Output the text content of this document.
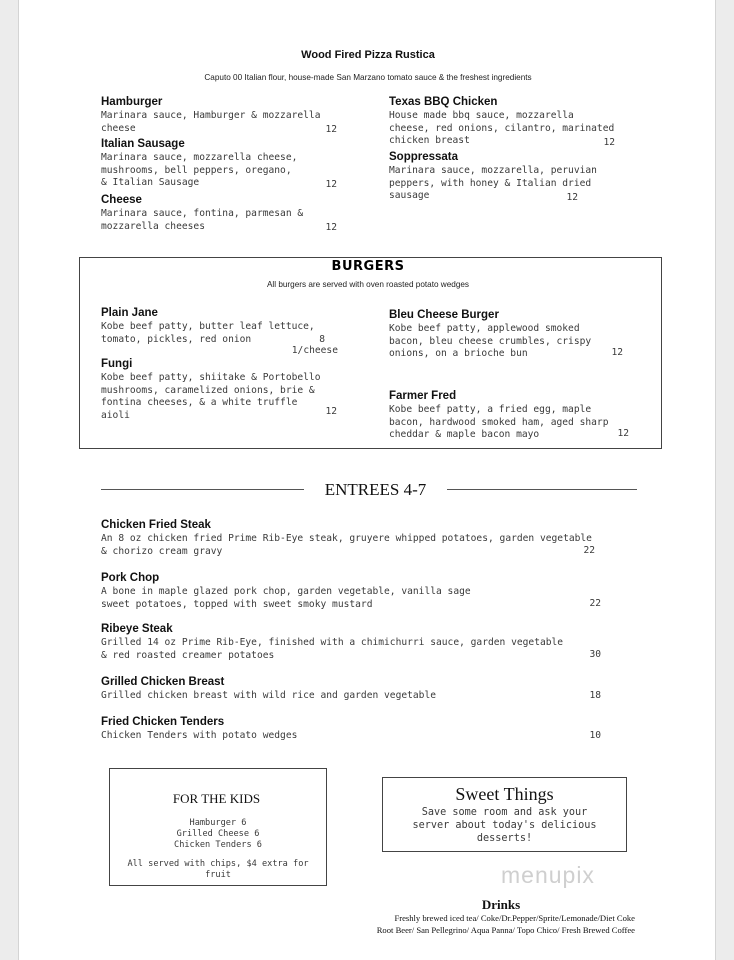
Wood Fired Pizza Rustica
Caputo 00 Italian flour, house-made San Marzano tomato sauce & the freshest ingredients
Hamburger
Marinara sauce, Hamburger & mozzarella
cheese	12
Italian Sausage
Marinara sauce, mozzarella cheese,
mushrooms, bell peppers, oregano,
& Italian Sausage	12
Cheese
Marinara sauce, fontina, parmesan &
mozzarella cheeses	12
Texas BBQ Chicken
House made bbq sauce, mozzarella
cheese, red onions, cilantro, marinated
chicken breast	12
Soppressata
Marinara sauce, mozzarella, peruvian
peppers, with honey & Italian dried
sausage	12
BURGERS
All burgers are served with oven roasted potato wedges
Plain Jane
Kobe beef patty, butter leaf lettuce,
tomato, pickles, red onion	8
1/cheese
Fungi
Kobe beef patty, shiitake & Portobello
mushrooms, caramelized onions, brie &
fontina cheeses, & a white truffle
aioli	12
Bleu Cheese Burger
Kobe beef patty, applewood smoked
bacon, bleu cheese crumbles, crispy
onions, on a brioche bun	12
Farmer Fred
Kobe beef patty, a fried egg, maple
bacon, hardwood smoked ham, aged sharp
cheddar & maple bacon mayo	12
ENTREES 4-7
Chicken Fried Steak
An 8 oz chicken fried Prime Rib-Eye steak, gruyere whipped potatoes, garden vegetable
& chorizo cream gravy	22
Pork Chop
A bone in maple glazed pork chop, garden vegetable, vanilla sage
sweet potatoes, topped with sweet smoky mustard	22
Ribeye Steak
Grilled 14 oz Prime Rib-Eye, finished with a chimichurri sauce, garden vegetable
& red roasted creamer potatoes	30
Grilled Chicken Breast
Grilled chicken breast with wild rice and garden vegetable	18
Fried Chicken Tenders
Chicken Tenders with potato wedges	10
FOR THE KIDS
Hamburger 6
Grilled Cheese 6
Chicken Tenders 6
All served with chips, $4 extra for
fruit
Sweet Things
Save some room and ask your
server about today's delicious
desserts!
menupix
Drinks
Freshly brewed iced tea/ Coke/Dr.Pepper/Sprite/Lemonade/Diet Coke
Root Beer/ San Pellegrino/ Aqua Panna/ Topo Chico/ Fresh Brewed Coffee
